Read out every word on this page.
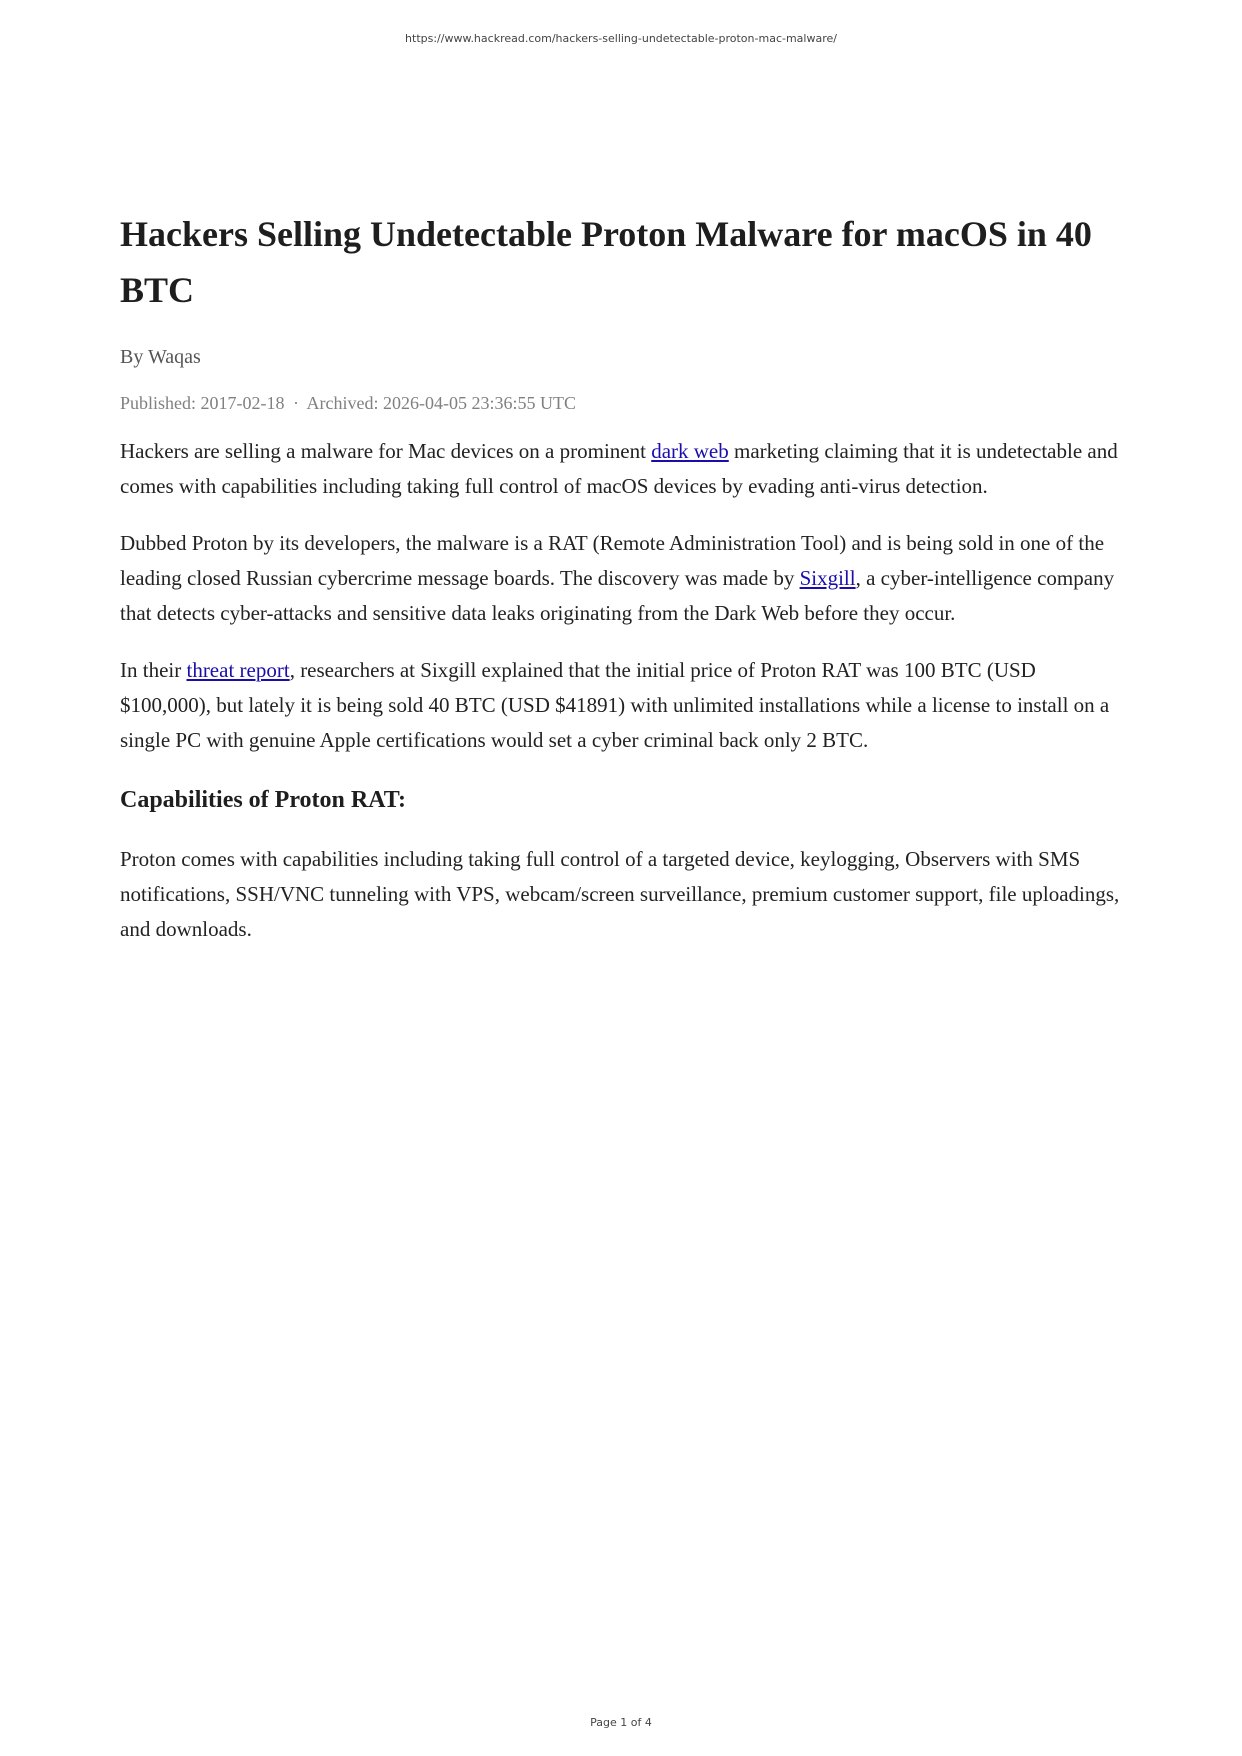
https://www.hackread.com/hackers-selling-undetectable-proton-mac-malware/
Hackers Selling Undetectable Proton Malware for macOS in 40 BTC
By Waqas
Published: 2017-02-18 · Archived: 2026-04-05 23:36:55 UTC

Hackers are selling a malware for Mac devices on a prominent dark web marketing claiming that it is undetectable and comes with capabilities including taking full control of macOS devices by evading anti-virus detection.

Dubbed Proton by its developers, the malware is a RAT (Remote Administration Tool) and is being sold in one of the leading closed Russian cybercrime message boards. The discovery was made by Sixgill, a cyber-intelligence company that detects cyber-attacks and sensitive data leaks originating from the Dark Web before they occur.

In their threat report, researchers at Sixgill explained that the initial price of Proton RAT was 100 BTC (USD $100,000), but lately it is being sold 40 BTC (USD $41891) with unlimited installations while a license to install on a single PC with genuine Apple certifications would set a cyber criminal back only 2 BTC.

Capabilities of Proton RAT:

Proton comes with capabilities including taking full control of a targeted device, keylogging, Observers with SMS notifications, SSH/VNC tunneling with VPS, webcam/screen surveillance, premium customer support, file uploadings, and downloads.

Page 1 of 4
